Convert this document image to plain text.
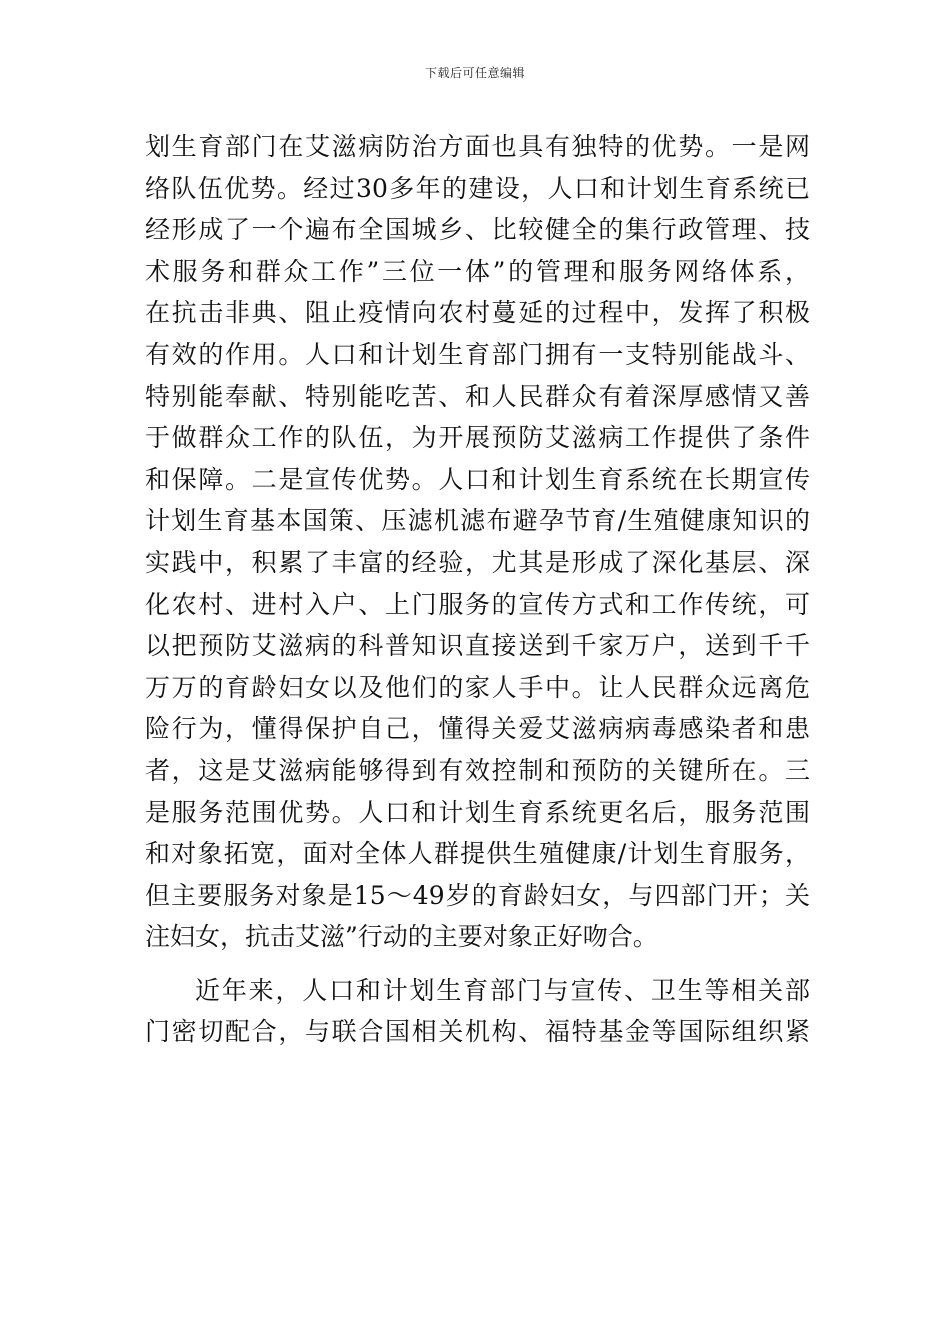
下载后可任意编辑
划生育部门在艾滋病防治方面也具有独特的优势。一是网
络队伍优势。经过30多年的建设，人口和计划生育系统已
经形成了一个遍布全国城乡、比较健全的集行政管理、技
术服务和群众工作”三位一体”的管理和服务网络体系，
在抗击非典、阻止疫情向农村蔓延的过程中，发挥了积极
有效的作用。人口和计划生育部门拥有一支特别能战斗、
特别能奉献、特别能吃苦、和人民群众有着深厚感情又善
于做群众工作的队伍，为开展预防艾滋病工作提供了条件
和保障。二是宣传优势。人口和计划生育系统在长期宣传
计划生育基本国策、压滤机滤布避孕节育/生殖健康知识的
实践中，积累了丰富的经验，尤其是形成了深化基层、深
化农村、进村入户、上门服务的宣传方式和工作传统，可
以把预防艾滋病的科普知识直接送到千家万户，送到千千
万万的育龄妇女以及他们的家人手中。让人民群众远离危
险行为，懂得保护自己，懂得关爱艾滋病病毒感染者和患
者，这是艾滋病能够得到有效控制和预防的关键所在。三
是服务范围优势。人口和计划生育系统更名后，服务范围
和对象拓宽，面对全体人群提供生殖健康/计划生育服务，
但主要服务对象是15～49岁的育龄妇女，与四部门开；关
注妇女，抗击艾滋”行动的主要对象正好吻合。
近年来，人口和计划生育部门与宣传、卫生等相关部
门密切配合，与联合国相关机构、福特基金等国际组织紧
